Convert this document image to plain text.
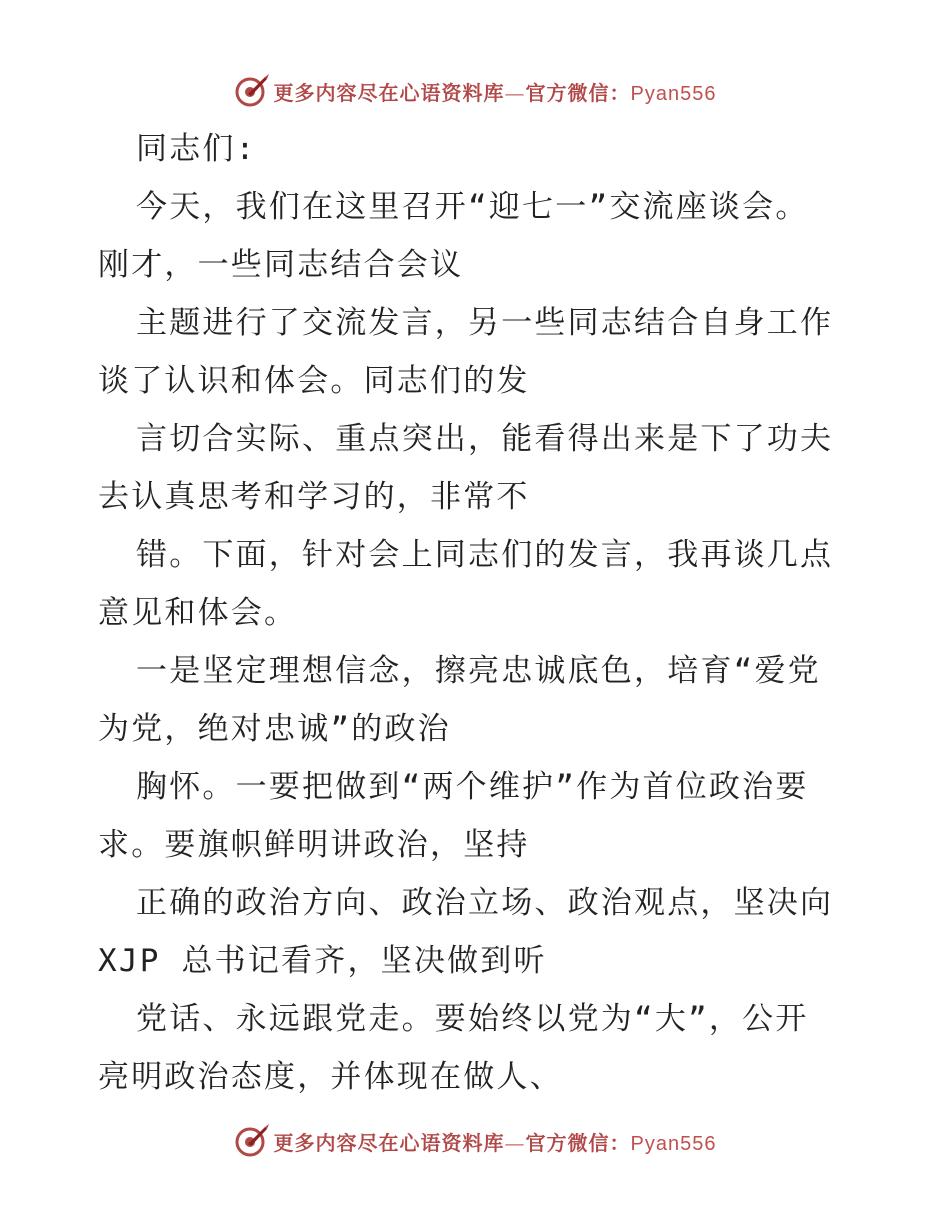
更多内容尽在心语资料库—官方微信：Pyan556
同志们:
今天，我们在这里召开“迎七一”交流座谈会。
刚才，一些同志结合会议
主题进行了交流发言，另一些同志结合自身工作
谈了认识和体会。同志们的发
言切合实际、重点突出，能看得出来是下了功夫
去认真思考和学习的，非常不
错。下面，针对会上同志们的发言，我再谈几点
意见和体会。
一是坚定理想信念，擦亮忠诚底色，培育“爱党
为党，绝对忠诚”的政治
胸怀。一要把做到“两个维护”作为首位政治要
求。要旗帜鲜明讲政治，坚持
正确的政治方向、政治立场、政治观点，坚决向
XJP 总书记看齐，坚决做到听
党话、永远跟党走。要始终以党为“大”，公开
亮明政治态度，并体现在做人、
更多内容尽在心语资料库—官方微信：Pyan556
